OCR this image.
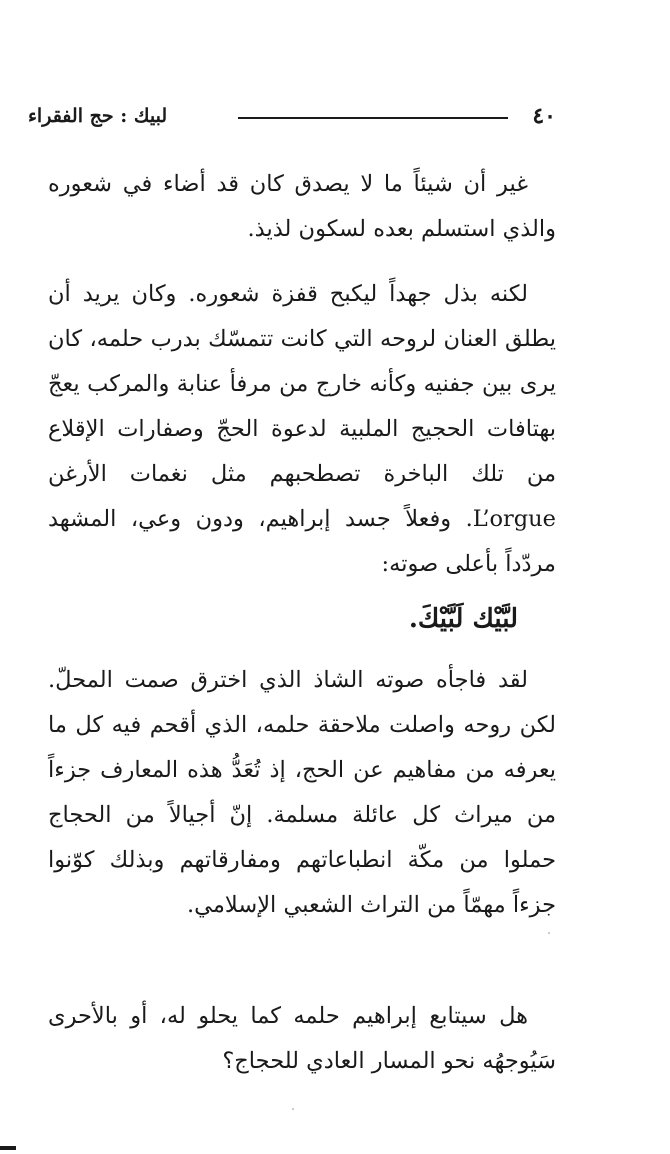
٤٠
لبيك : حج الفقراء

غير أن شيئاً ما لا يصدق كان قد أضاء في شعوره والذي استسلم بعده لسكون لذيذ.

لكنه بذل جهداً ليكبح قفزة شعوره. وكان يريد أن يطلق العنان لروحه التي كانت تتمسّك بدرب حلمه، كان يرى بين جفنيه وكأنه خارج من مرفأ عنابة والمركب يعجّ بهتافات الحجيج الملبية لدعوة الحجّ وصفارات الإقلاع من تلك الباخرة تصطحبهم مثل نغمات الأرغن L’orgue. وفعلاً جسد إبراهيم، ودون وعي، المشهد مردّداً بأعلى صوته:

لبَّيْك لَبَّيْكَ.

لقد فاجأه صوته الشاذ الذي اخترق صمت المحلّ. لكن روحه واصلت ملاحقة حلمه، الذي أقحم فيه كل ما يعرفه من مفاهيم عن الحج، إذ تُعَدُّ هذه المعارف جزءاً من ميراث كل عائلة مسلمة. إنّ أجيالاً من الحجاج حملوا من مكّة انطباعاتهم ومفارقاتهم وبذلك كوّنوا جزءاً مهمّاً من التراث الشعبي الإسلامي.

هل سيتابع إبراهيم حلمه كما يحلو له، أو بالأحرى سَيُوجهُه نحو المسار العادي للحجاج؟
